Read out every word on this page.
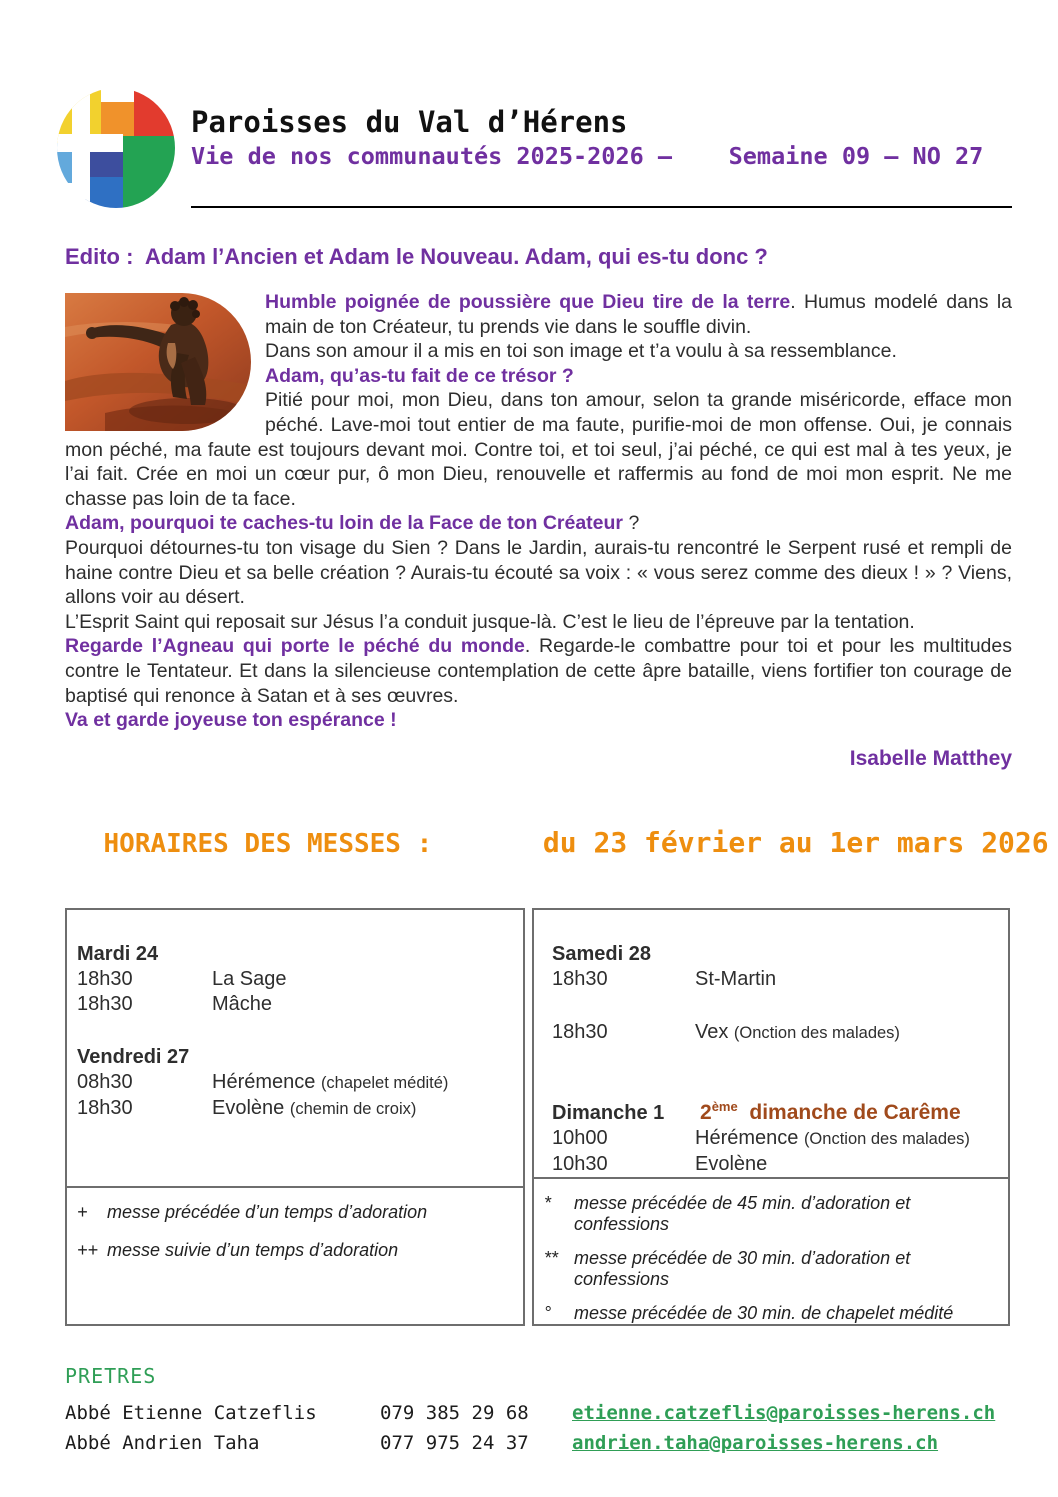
Paroisses du Val d’Hérens
Vie de nos communautés 2025-2026 –    Semaine 09 – NO 27
Edito :  Adam l’Ancien et Adam le Nouveau. Adam, qui es-tu donc ?
Humble poignée de poussière que Dieu tire de la terre. Humus modelé dans la main de ton Créateur, tu prends vie dans le souffle divin.
Dans son amour il a mis en toi son image et t’a voulu à sa ressemblance.
Adam, qu’as-tu fait de ce trésor ?
Pitié pour moi, mon Dieu, dans ton amour, selon ta grande miséricorde, efface mon péché. Lave-moi tout entier de ma faute, purifie-moi de mon offense. Oui, je connais mon péché, ma faute est toujours devant moi. Contre toi, et toi seul, j’ai péché, ce qui est mal à tes yeux, je l’ai fait. Crée en moi un cœur pur, ô mon Dieu, renouvelle et raffermis au fond de moi mon esprit. Ne me chasse pas loin de ta face.
Adam, pourquoi te caches-tu loin de la Face de ton Créateur ?
Pourquoi détournes-tu ton visage du Sien ? Dans le Jardin, aurais-tu rencontré le Serpent rusé et rempli de haine contre Dieu et sa belle création ? Aurais-tu écouté sa voix : « vous serez comme des dieux ! » ? Viens, allons voir au désert.
L’Esprit Saint qui reposait sur Jésus l’a conduit jusque-là. C’est le lieu de l’épreuve par la tentation.
Regarde l’Agneau qui porte le péché du monde. Regarde-le combattre pour toi et pour les multitudes contre le Tentateur. Et dans la silencieuse contemplation de cette âpre bataille, viens fortifier ton courage de baptisé qui renonce à Satan et à ses œuvres.
Va et garde joyeuse ton espérance !
Isabelle Matthey

HORAIRES DES MESSES :	du 23 février au 1er mars 2026

Mardi 24
18h30	La Sage
18h30	Mâche
Vendredi 27
08h30	Hérémence (chapelet médité)
18h30	Evolène (chemin de croix)
+	messe précédée d’un temps d’adoration
++ messe suivie d’un temps d’adoration
Samedi 28
18h30	St-Martin
18h30	Vex (Onction des malades)
Dimanche 1	2ème  dimanche de Carême
10h00	Hérémence (Onction des malades)
10h30	Evolène
*	messe précédée de 45 min. d’adoration et confessions
** messe précédée de 30 min. d’adoration et confessions
°	messe précédée de 30 min. de chapelet médité
PRETRES
Abbé Etienne Catzeflis	079 385 29 68	etienne.catzeflis@paroisses-herens.ch
Abbé Andrien Taha	077 975 24 37	andrien.taha@paroisses-herens.ch
